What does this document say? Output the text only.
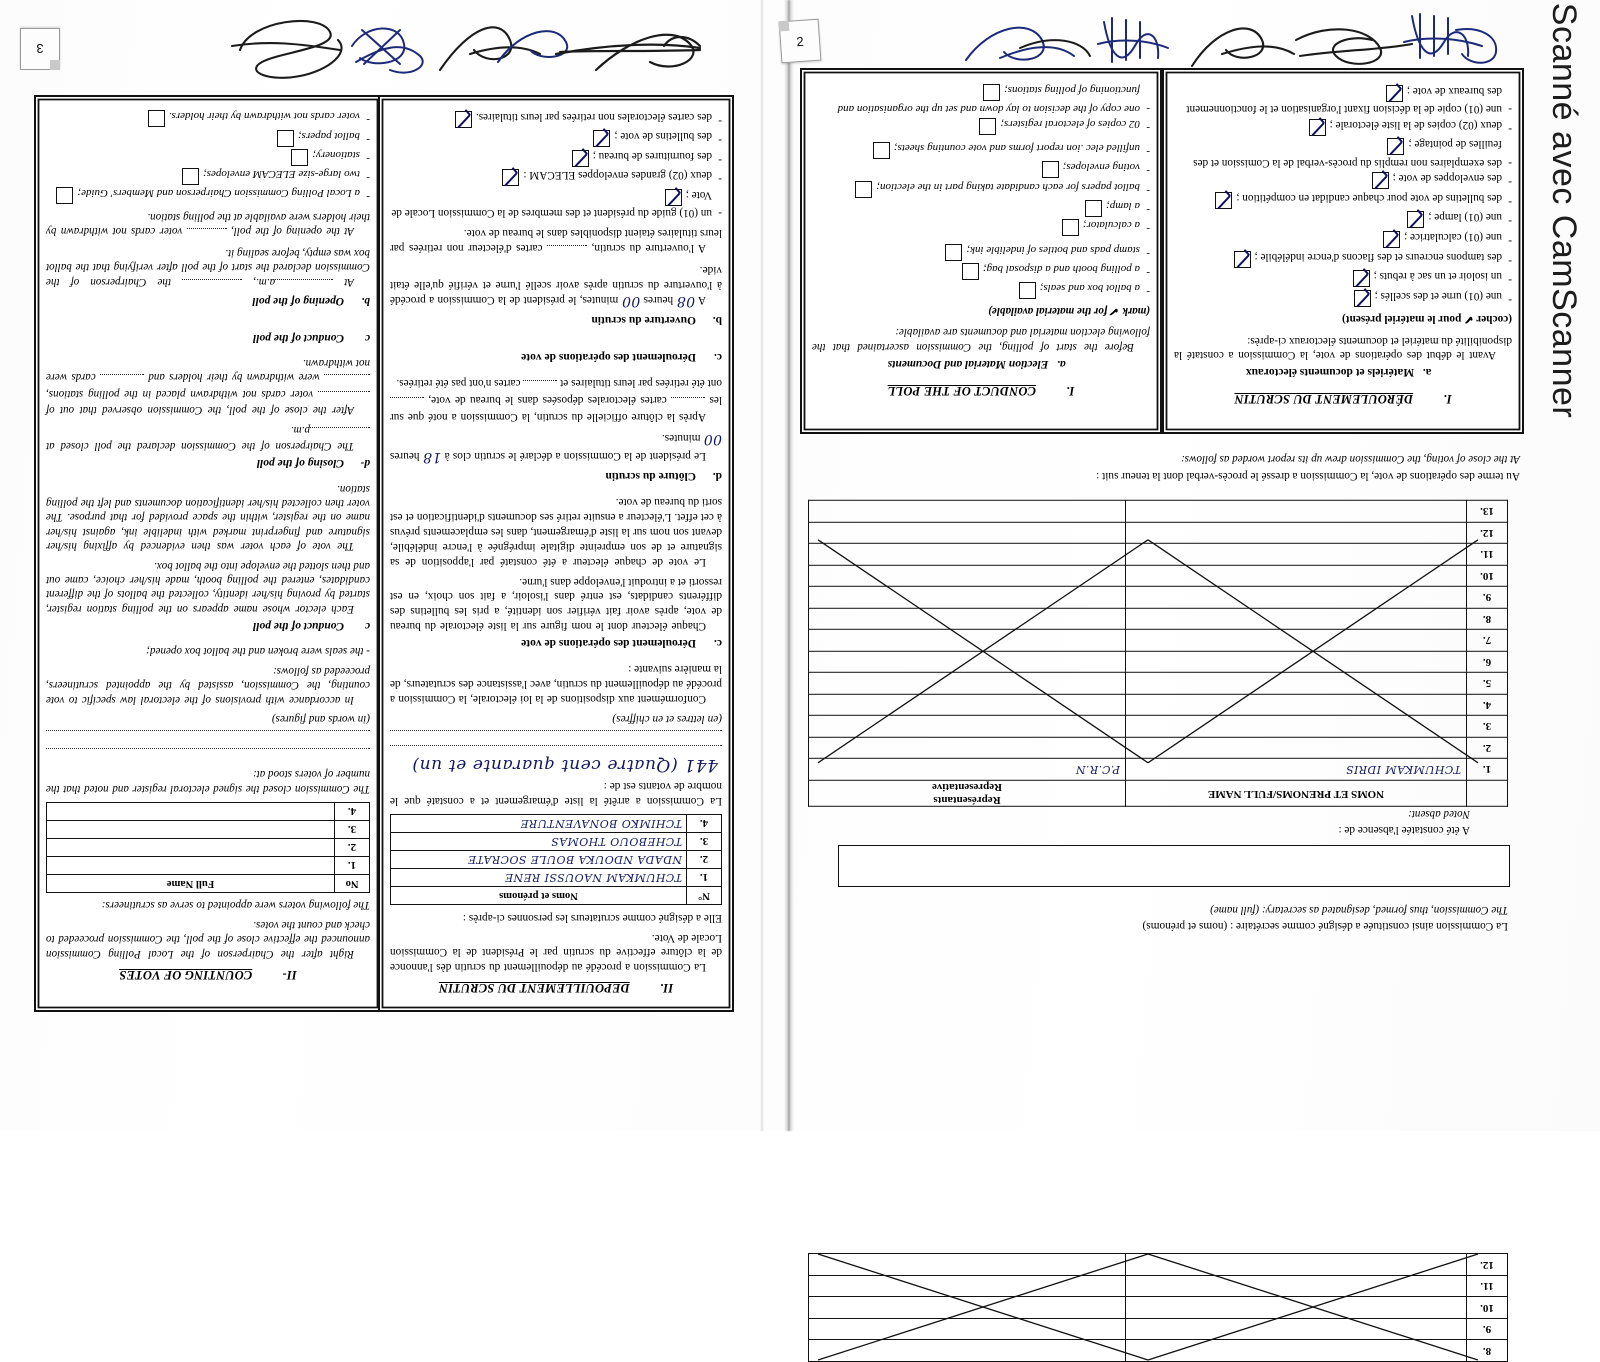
3
2
-
a Local Polling Commission Chairperson and Members' Guide;
-
two large-size ELECAM envelopes;
-
stationery;
-
ballot papers;
-
voter cards not withdrawn by their holders.
b.Opening of the poll

At a.m.,  the Chairperson of the Commission declared the start of the poll after verifying that the ballot box was empty, before sealing it.

At the opening of the poll,  voter cards not withdrawn by their holders were available at the polling station.

cConduct of the poll
d-Closing of the poll

The Chairperson of the Commission declared the poll closed at p.m.

After the close of the poll, the Commission observed that out of  voter cards not withdrawn placed in the polling stations,  were withdrawn by their holders and  cards were not withdrawn.

cConduct of the poll

Each elector whose name appears on the polling station register, started by proving his/her identity, collected the ballots of the different candidates, entered the polling booth, made his/her choice, came out and then slotted the envelope into the ballot box.

The vote of each voter was then evidenced by affixing his/her signature and fingerprint marked with indelible ink, against his/her name on the register, within the space provided for that purpose. The voter then collected his/her identification documents and left the polling station.

II-COUNTING OF VOTES

Right after the Chairperson of the Local Polling Commission announced the effective close of the poll, the Commission proceeded to check and count the votes.

The following voters were appointed to serve as scrutineers:

No	Full Name
1.	
2.	
3.	
4.	

The Commission closed the signed electoral register and noted that the number of voters stood at:

(in words and figures)

In accordance with provisions of the electoral law specific to vote counting, the Commission, assisted by the appointed scrutineers, proceeded as follows:

- the seals were broken and the ballot box opened;

-
un (01) guide du président et des membres de la Commission Locale de Vote ;
-
deux (02) grandes enveloppes ELECAM :
-
des fournitures de bureau ;
-
des bulletins de vote ;
-
des cartes électorales non retirées par leurs titulaires.
b.Ouverture du scrutin

A 08 heures 00 minutes, le président de la Commission a procédé à l'ouverture du scrutin après avoir scellé l'urne et vérifié qu'elle était vide.

A l'ouverture du scrutin,  cartes d'électeur non retirées par leurs titulaires étaient disponibles dans le bureau de vote.

c.Déroulement des opérations de vote
d.Clôture du scrutin

Le président de la Commission a déclaré le scrutin clos à 18 heures 00 minutes.

Après la clôture officielle du scrutin, la Commission a noté que sur les  cartes électorales déposées dans le bureau de vote,  ont été retirées par leurs titulaires et  cartes n'ont pas été retirées.

c.Déroulement des opérations de vote

Chaque électeur dont le nom figure sur la liste électorale du bureau de vote, après avoir fait vérifier son identité, a pris les bulletins des différents candidats, est entré dans l'isoloir, a fait son choix, en est ressorti et a introduit l'enveloppe dans l'urne.

Le vote de chaque électeur a été constaté par l'apposition de sa signature et de son empreinte digitale imprégnée à l'encre indélébile, devant son nom sur la liste d'émargement, dans les emplacements prévus à cet effet. L'électeur a ensuite retiré ses documents d'identification et est sorti du bureau de vote.

II.DEPOUILLEMENT DU SCRUTIN

La Commission a procédé au dépouillement du scrutin dès l'annonce de la clôture effective du scrutin par le Président de la Commission Locale de Vote.

Elle a désigné comme scrutateurs les personnes ci-après :

N°	Noms et prénoms
1.	TCHUMKAM NAOUSSI RENE
2.	NDADA NDOUKA BOULE SOCRATE
3.	TCHEBOUO THOMAS
4.	TCHIMKO BONAVENTURE

La Commission a arrêté la liste d'émargement et a constaté que le nombre de votants est de :

441 (Quatre cent quarante et un)

(en lettres et en chiffres)

Conformément aux dispositions de la loi électorale, la Commission a procédé au dépouillement du scrutin, avec l'assistance des scrutateurs, de la manière suivante :

-
a ballot box and seals;
-
a polling booth and a disposal bag;
-
stamp pads and bottles of indelible ink;
-
a calculator;
-
a lamp;
-
ballot papers for each candidate taking part in the election;
-
voting envelopes;
-
unfilled elec .ion report forms and vote counting sheets;
-
02 copies of electoral registers;
-
one copy of the decision to lay down and set up the organisation and functioning of polling stations;

(mark ✔ for the material available)

Before the start of polling, the Commission ascertained that the following election material and documents are available:

a.Election Material and Documents
I.CONDUCT OF THE POLL
-
une (01) urne et des scellés ;
-
un isoloir et un sac à rebuts ;
-
des tampons encreurs et des flacons d'encre indélébile ;
-
une (01) calculatrice ;
-
une (01) lampe ;
-
des bulletins de vote pour chaque candidat en compétition ;
-
des enveloppes de vote ;
-
des exemplaires non remplis du procès-verbal de la Comission et des feuilles de pointage ;
-
deux (02) copies de la liste électorale ;
-
une (01) copie de la décision fixant l'organisation et le fonctionnement des bureaux de vote ;

(cocher ✔ pour le matériel présent)

Avant le début des opérations de vote, la Commission a constaté la disponibilité du matériel et documents électoraux ci-après:

a.Matériels et documents électoraux
I.DÉROULEMENT DU SCRUTIN

At the close of voting, the Commission drew up its report worded as follows:

Au terme des opérations de vote, la Commission a dressé le procès-verbal dont la teneur suit :

	NOMS ET PRENOMS/FULL NAME	Représentants
Representative

1.	TCHUMKAM IDRIS	P.C.R.N
2.		
3.		
4.		
5.		
6.		
7.		
8.		
9.		
10.		
11.		
12.		
13.		

Noted absent:

A été constatée l'absence de :

The Commission, thus formed, designated as secretary: (full name)

La Commission ainsi constituée a désigné comme secrétaire : (noms et prénoms)

8.		
9.		
10.		
11.		
12.		
Scanné avec CamScanner
